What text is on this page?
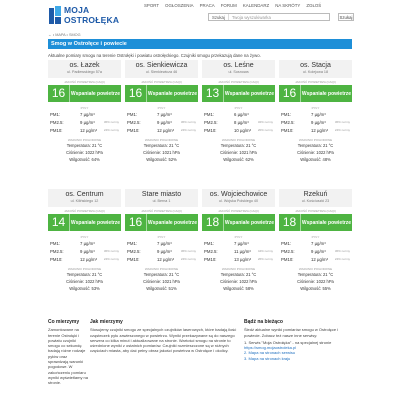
MOJA
OSTROŁĘKA
SPORT OGŁOSZENIA PRACA FORUM KALENDARZ NA SKRÓTY ZGŁOŚ
Szukaj	Twoja wyszukiwarka	Szukaj
← • MAPA • SMOG
Smog w Ostrołęce i powiecie
Aktualne pomiary smogu na terenie Ostrołęki i powiatu ostrołęckiego. Czujniki smogu przekazują dane na żywo.
os. Łazek
ul. Padlewskiego 57a
JAKOŚĆ POWIETRZA (CAQI)
16	Wspaniałe powietrze
PYŁY
PM1:	7 µg/m³
PM2.5:	9 µg/m³	36% normy
PM10:	12 µg/m³	24% normy
WARUNKI POGODOWE
Temperatura: 21 °C
Ciśnienie: 1022 hPa
Wilgotność: 64%
os. Sienkiewicza
ul. Sienkiewicza 46
JAKOŚĆ POWIETRZA (CAQI)
16	Wspaniałe powietrze
PYŁY
PM1:	7 µg/m³
PM2.5:	9 µg/m³	36% normy
PM10:	12 µg/m³	24% normy
WARUNKI POGODOWE
Temperatura: 21 °C
Ciśnienie: 1021 hPa
Wilgotność: 52%
os. Leśne
ul. Sosnowa
JAKOŚĆ POWIETRZA (CAQI)
13	Wspaniałe powietrze
PYŁY
PM1:	6 µg/m³
PM2.5:	8 µg/m³	32% normy
PM10:	10 µg/m³	20% normy
WARUNKI POGODOWE
Temperatura: 21 °C
Ciśnienie: 1021 hPa
Wilgotność: 62%
os. Stacja
ul. Kolejowa 18
JAKOŚĆ POWIETRZA (CAQI)
16	Wspaniałe powietrze
PYŁY
PM1:	7 µg/m³
PM2.5:	9 µg/m³	36% normy
PM10:	12 µg/m³	24% normy
WARUNKI POGODOWE
Temperatura: 21 °C
Ciśnienie: 1022 hPa
Wilgotność: 48%
os. Centrum
ul. Kilińskiego 12
JAKOŚĆ POWIETRZA (CAQI)
14	Wspaniałe powietrze
PYŁY
PM1:	7 µg/m³
PM2.5:	9 µg/m³	36% normy
PM10:	12 µg/m³	24% normy
WARUNKI POGODOWE
Temperatura: 21 °C
Ciśnienie: 1022 hPa
Wilgotność: 53%
Stare miasto
ul. Berna 1
JAKOŚĆ POWIETRZA (CAQI)
16	Wspaniałe powietrze
PYŁY
PM1:	7 µg/m³
PM2.5:	9 µg/m³	36% normy
PM10:	12 µg/m³	24% normy
WARUNKI POGODOWE
Temperatura: 21 °C
Ciśnienie: 1021 hPa
Wilgotność: 51%
os. Wojciechowice
ul. Wojska Polskiego 40
JAKOŚĆ POWIETRZA (CAQI)
18	Wspaniałe powietrze
PYŁY
PM1:	7 µg/m³
PM2.5:	11 µg/m³	44% normy
PM10:	13 µg/m³	26% normy
WARUNKI POGODOWE
Temperatura: 21 °C
Ciśnienie: 1022 hPa
Wilgotność: 58%
Rzekuń
ul. Kościuszki 23
JAKOŚĆ POWIETRZA (CAQI)
18	Wspaniałe powietrze
PYŁY
PM1:	7 µg/m³
PM2.5:	9 µg/m³	36% normy
PM10:	12 µg/m³	24% normy
WARUNKI POGODOWE
Temperatura: 21 °C
Ciśnienie: 1022 hPa
Wilgotność: 55%
Co mierzymy
Zamontowane na terenie Ostrołęki i powiatu czujniki smogu co sekundę badają różne rodzaje pyłów oraz sprawdzają warunki pogodowe. W zakończeniu pomiaru wyniki wyświetlamy na stronie.
Jak mierzymy
Stosujemy czujniki smogu ze specjalnych czujników laserowych, które badają ilość cząsteczek pyłu zawieszonego w powietrzu. Wyniki przekazywane są do naszego serwera co kilka minut i aktualizowane na stronie. Wartości smogu na stronie to uśrednione wyniki z ostatnich pomiarów. Czujniki rozmieszczone są w różnych częściach miasta, aby dać pełny obraz jakości powietrza w Ostrołęce i okolicy.
Bądź na bieżąco
Śledź aktualne wyniki pomiarów smogu w Ostrołęce i powiecie. Zobacz też nasze inne serwisy:
1. Serwis "Moja Ostrołęka" - na specjalnej stronie
https://smog.mojaostroleka.pl
2. Mapa na stronach serwisu
3. Mapa na stronach kraju
